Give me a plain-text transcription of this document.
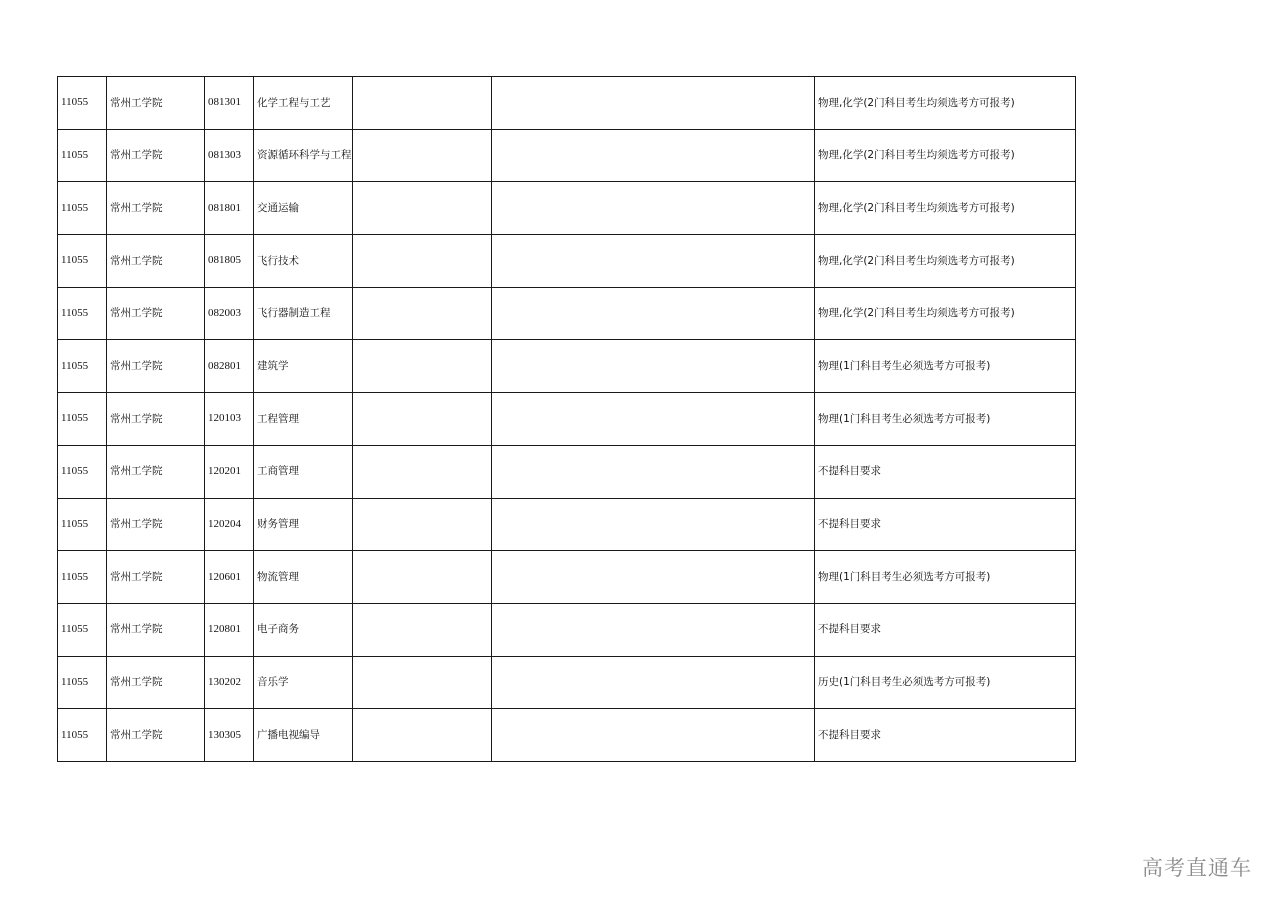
11055	常州工学院	081301	化学工程与工艺			物理,化学(2门科目考生均须选考方可报考)
11055	常州工学院	081303	资源循环科学与工程			物理,化学(2门科目考生均须选考方可报考)
11055	常州工学院	081801	交通运输			物理,化学(2门科目考生均须选考方可报考)
11055	常州工学院	081805	飞行技术			物理,化学(2门科目考生均须选考方可报考)
11055	常州工学院	082003	飞行器制造工程			物理,化学(2门科目考生均须选考方可报考)
11055	常州工学院	082801	建筑学			物理(1门科目考生必须选考方可报考)
11055	常州工学院	120103	工程管理			物理(1门科目考生必须选考方可报考)
11055	常州工学院	120201	工商管理			不提科目要求
11055	常州工学院	120204	财务管理			不提科目要求
11055	常州工学院	120601	物流管理			物理(1门科目考生必须选考方可报考)
11055	常州工学院	120801	电子商务			不提科目要求
11055	常州工学院	130202	音乐学			历史(1门科目考生必须选考方可报考)
11055	常州工学院	130305	广播电视编导			不提科目要求
高考直通车
